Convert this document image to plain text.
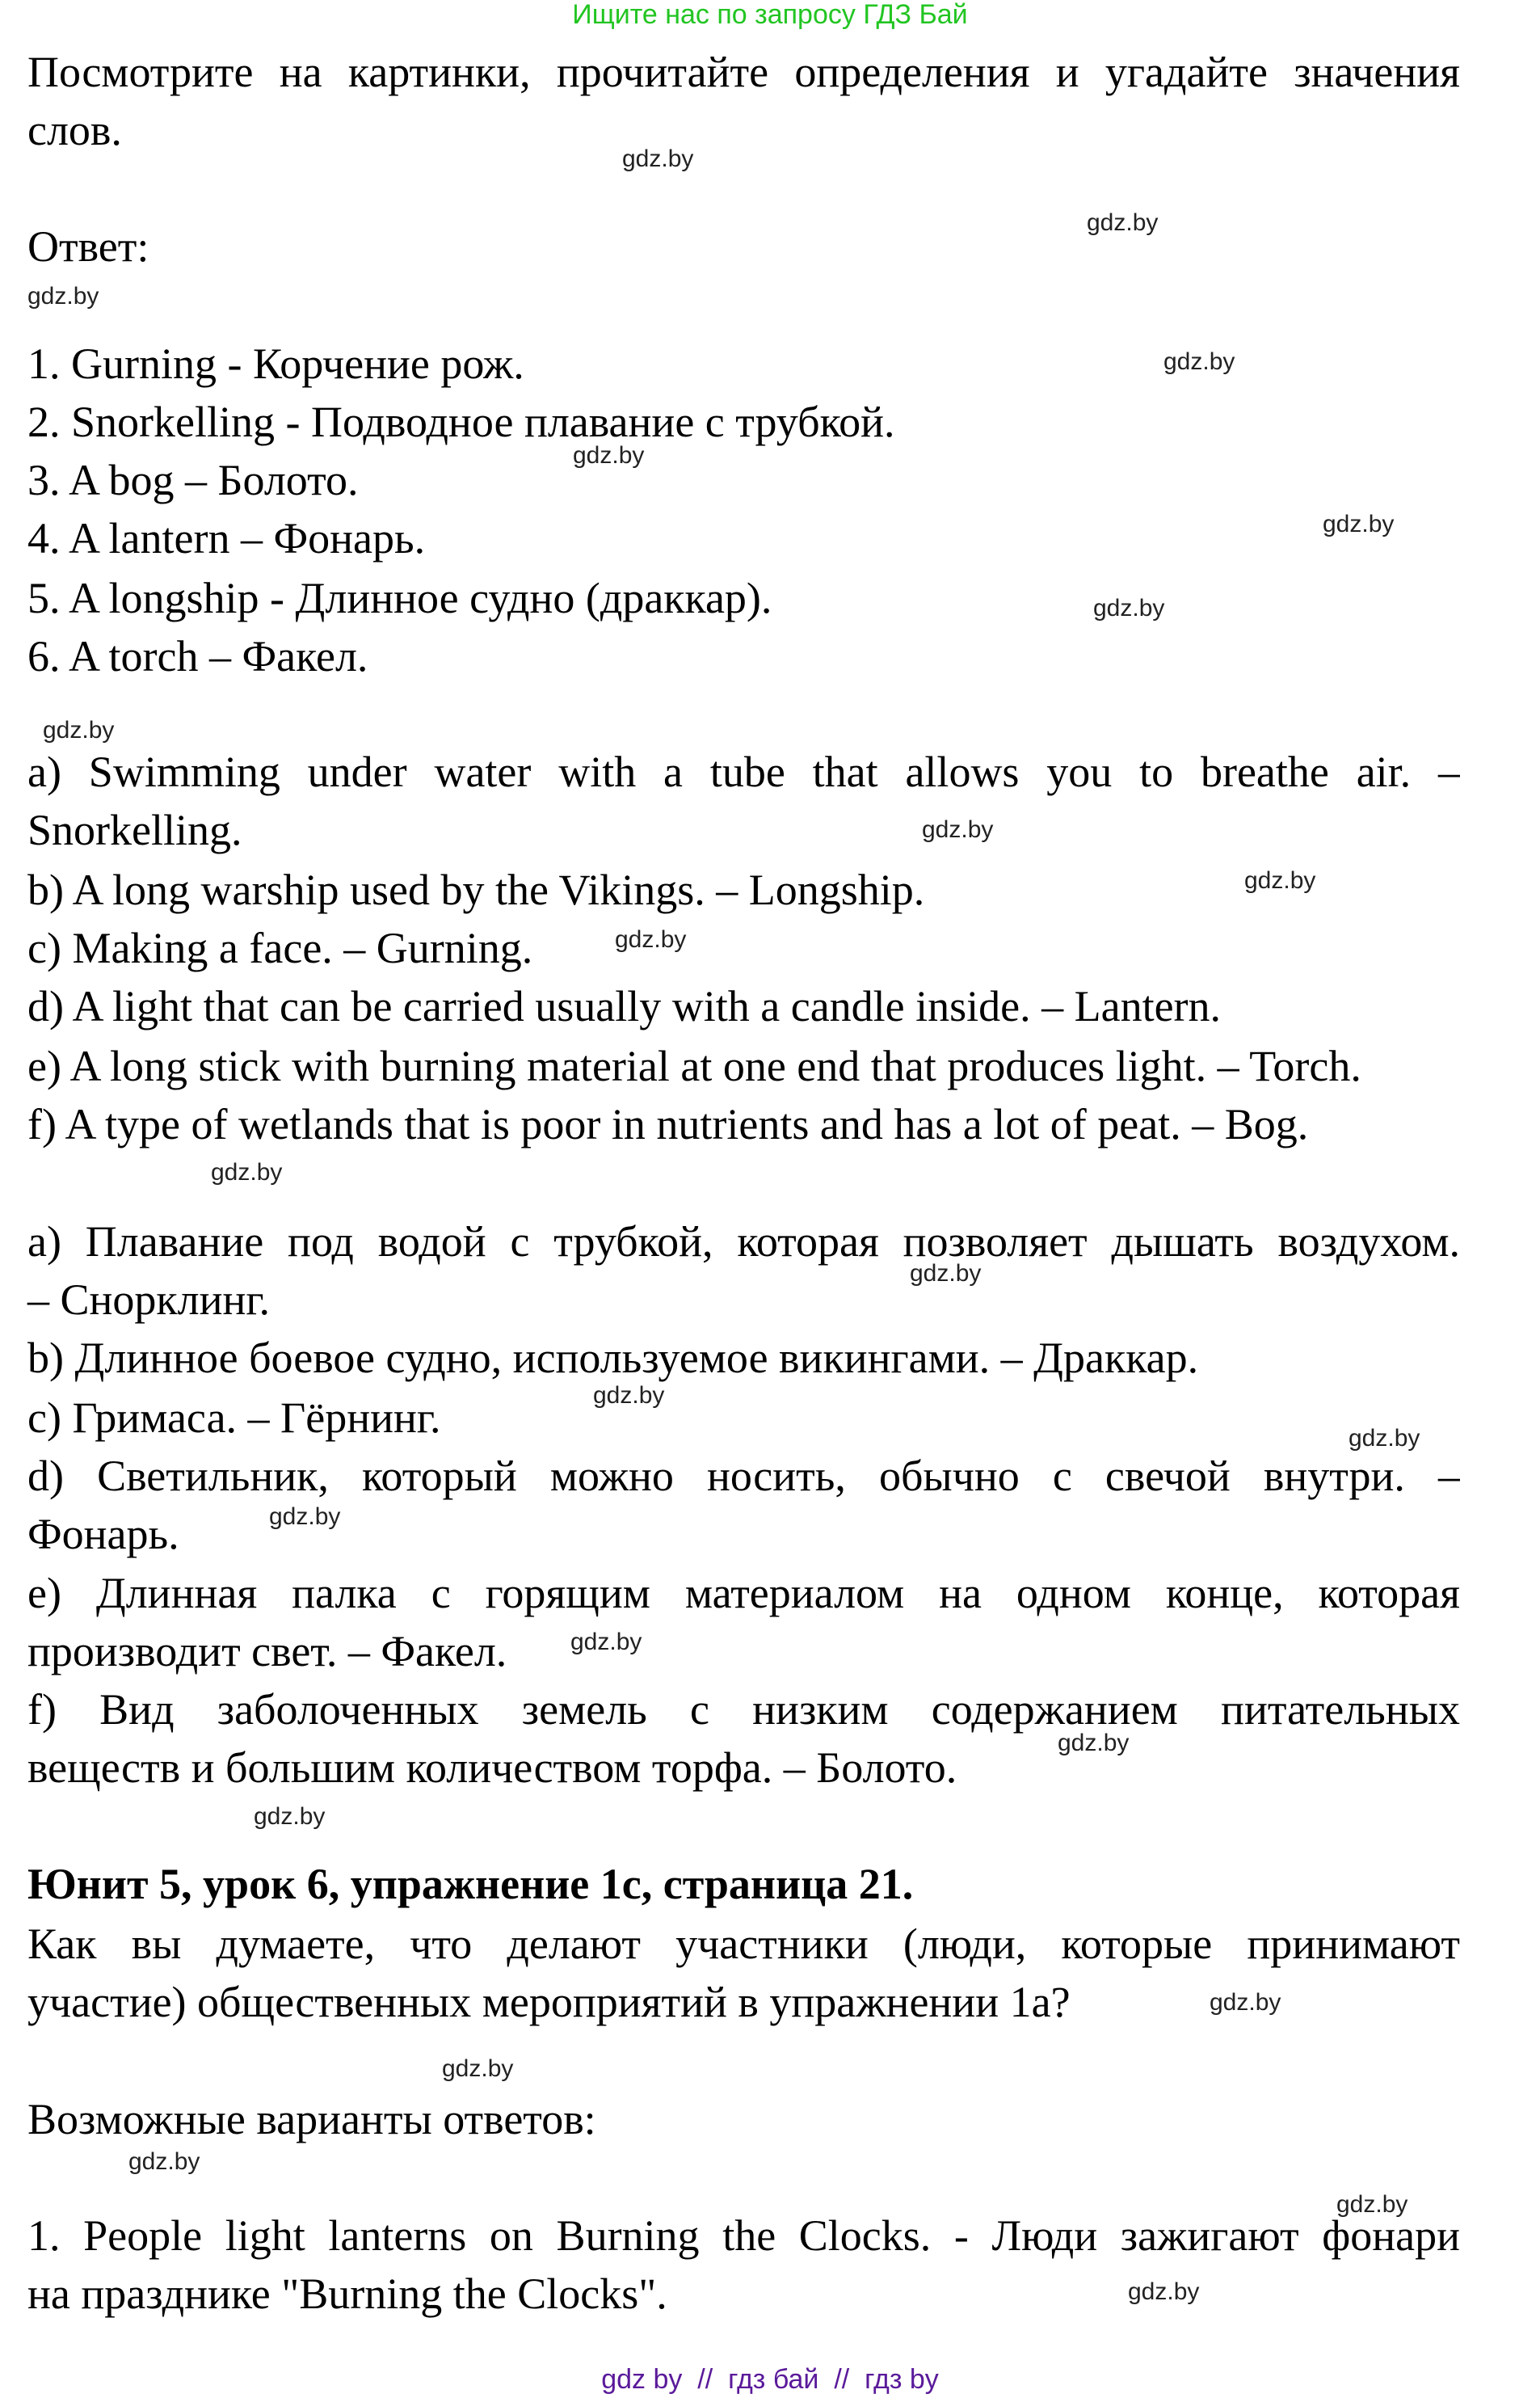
Ищите нас по запросу ГДЗ Бай
Посмотрите на картинки, прочитайте определения и угадайте значения
слов.
Ответ:
1. Gurning - Корчение рож.
2. Snorkelling - Подводное плавание с трубкой.
3. A bog – Болото.
4. A lantern – Фонарь.
5. A longship - Длинное судно (драккар).
6. A torch – Факел.
a) Swimming under water with a tube that allows you to breathe air. –
Snorkelling.
b) A long warship used by the Vikings. – Longship.
c) Making a face. – Gurning.
d) A light that can be carried usually with a candle inside. – Lantern.
e) A long stick with burning material at one end that produces light. – Torch.
f) A type of wetlands that is poor in nutrients and has a lot of peat. – Bog.
a) Плавание под водой с трубкой, которая позволяет дышать воздухом.
– Снорклинг.
b) Длинное боевое судно, используемое викингами. – Драккар.
c) Гримаса. – Гёрнинг.
d) Светильник, который можно носить, обычно с свечой внутри. –
Фонарь.
e) Длинная палка с горящим материалом на одном конце, которая
производит свет. – Факел.
f) Вид заболоченных земель с низким содержанием питательных
веществ и большим количеством торфа. – Болото.
Юнит 5, урок 6, упражнение 1c, страница 21.
Как вы думаете, что делают участники (люди, которые принимают
участие) общественных мероприятий в упражнении 1a?
Возможные варианты ответов:
1. People light lanterns on Burning the Clocks. - Люди зажигают фонари
на празднике "Burning the Clocks".
gdz.by
gdz.by
gdz.by
gdz.by
gdz.by
gdz.by
gdz.by
gdz.by
gdz.by
gdz.by
gdz.by
gdz.by
gdz.by
gdz.by
gdz.by
gdz.by
gdz.by
gdz.by
gdz.by
gdz.by
gdz.by
gdz.by
gdz.by
gdz.by
gdz by  //  гдз бай  //  гдз by
